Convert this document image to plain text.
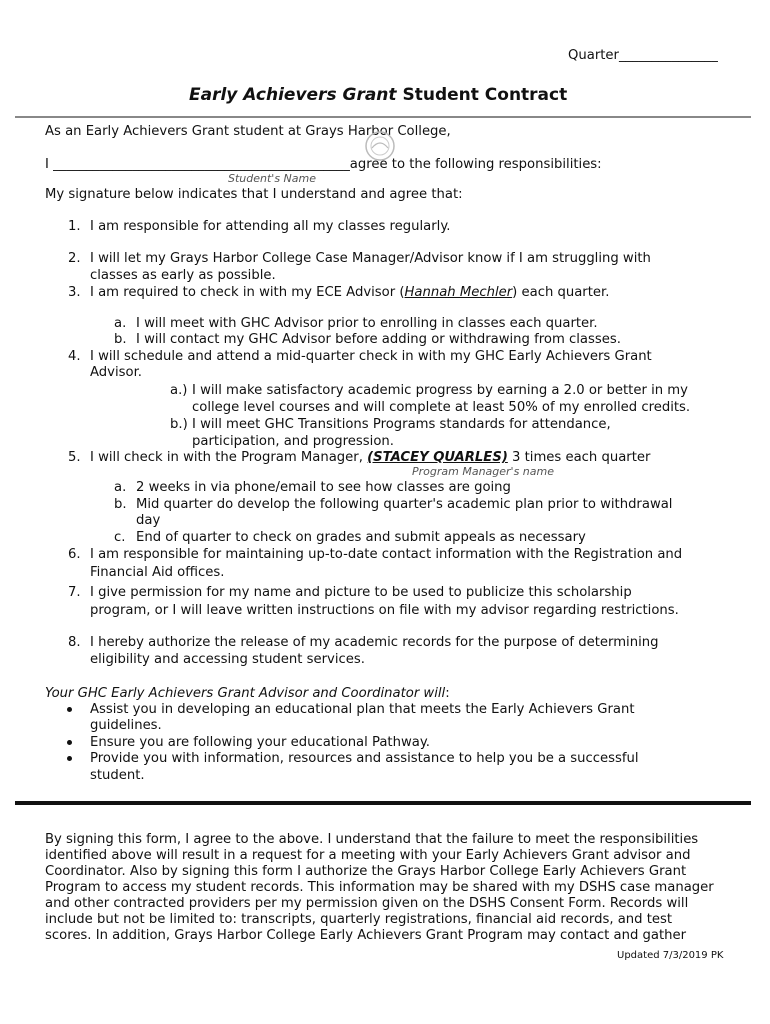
Quarter_______________
Early Achievers Grant Student Contract
As an Early Achievers Grant student at Grays Harbor College,
I _____________________________________________agree to the following responsibilities:
Student's Name
My signature below indicates that I understand and agree that:
1. I am responsible for attending all my classes regularly.
2. I will let my Grays Harbor College Case Manager/Advisor know if I am struggling with
classes as early as possible.
3. I am required to check in with my ECE Advisor (Hannah Mechler) each quarter.
a. I will meet with GHC Advisor prior to enrolling in classes each quarter.
b. I will contact my GHC Advisor before adding or withdrawing from classes.
4. I will schedule and attend a mid-quarter check in with my GHC Early Achievers Grant
Advisor.
a.) I will make satisfactory academic progress by earning a 2.0 or better in my
college level courses and will complete at least 50% of my enrolled credits.
b.) I will meet GHC Transitions Programs standards for attendance,
participation, and progression.
5. I will check in with the Program Manager, (STACEY QUARLES) 3 times each quarter
Program Manager's name
a. 2 weeks in via phone/email to see how classes are going
b. Mid quarter do develop the following quarter's academic plan prior to withdrawal
day
c. End of quarter to check on grades and submit appeals as necessary
6. I am responsible for maintaining up-to-date contact information with the Registration and
Financial Aid offices.
7. I give permission for my name and picture to be used to publicize this scholarship
program, or I will leave written instructions on file with my advisor regarding restrictions.
8. I hereby authorize the release of my academic records for the purpose of determining
eligibility and accessing student services.
Your GHC Early Achievers Grant Advisor and Coordinator will:
Assist you in developing an educational plan that meets the Early Achievers Grant
guidelines.
Ensure you are following your educational Pathway.
Provide you with information, resources and assistance to help you be a successful
student.
By signing this form, I agree to the above. I understand that the failure to meet the responsibilities
identified above will result in a request for a meeting with your Early Achievers Grant advisor and
Coordinator. Also by signing this form I authorize the Grays Harbor College Early Achievers Grant
Program to access my student records. This information may be shared with my DSHS case manager
and other contracted providers per my permission given on the DSHS Consent Form. Records will
include but not be limited to: transcripts, quarterly registrations, financial aid records, and test
scores. In addition, Grays Harbor College Early Achievers Grant Program may contact and gather
Updated 7/3/2019 PK
